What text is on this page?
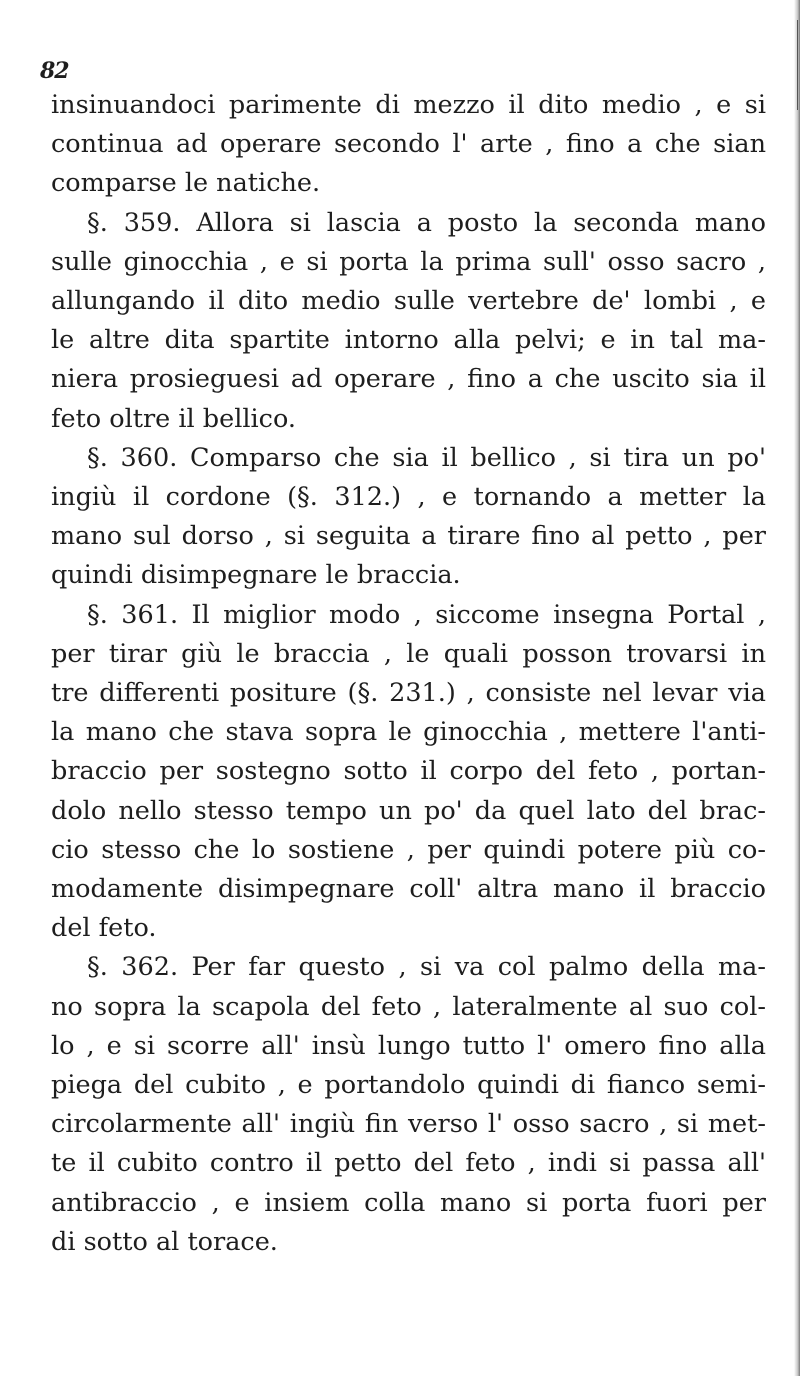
82
insinuandoci parimente di mezzo il dito medio , e si
continua ad operare secondo l' arte , fino a che sian
comparse le natiche.
§. 359. Allora si lascia a posto la seconda mano
sulle ginocchia , e si porta la prima sull' osso sacro ,
allungando il dito medio sulle vertebre de' lombi , e
le altre dita spartite intorno alla pelvi; e in tal ma-
niera prosieguesi ad operare , fino a che uscito sia il
feto oltre il bellico.
§. 360. Comparso che sia il bellico , si tira un po'
ingiù il cordone (§. 312.) , e tornando a metter la
mano sul dorso , si seguita a tirare fino al petto , per
quindi disimpegnare le braccia.
§. 361. Il miglior modo , siccome insegna Portal ,
per tirar giù le braccia , le quali posson trovarsi in
tre differenti positure (§. 231.) , consiste nel levar via
la mano che stava sopra le ginocchia , mettere l'anti-
braccio per sostegno sotto il corpo del feto , portan-
dolo nello stesso tempo un po' da quel lato del brac-
cio stesso che lo sostiene , per quindi potere più co-
modamente disimpegnare coll' altra mano il braccio
del feto.
§. 362. Per far questo , si va col palmo della ma-
no sopra la scapola del feto , lateralmente al suo col-
lo , e si scorre all' insù lungo tutto l' omero fino alla
piega del cubito , e portandolo quindi di fianco semi-
circolarmente all' ingiù fin verso l' osso sacro , si met-
te il cubito contro il petto del feto , indi si passa all'
antibraccio , e insiem colla mano si porta fuori per
di sotto al torace.
